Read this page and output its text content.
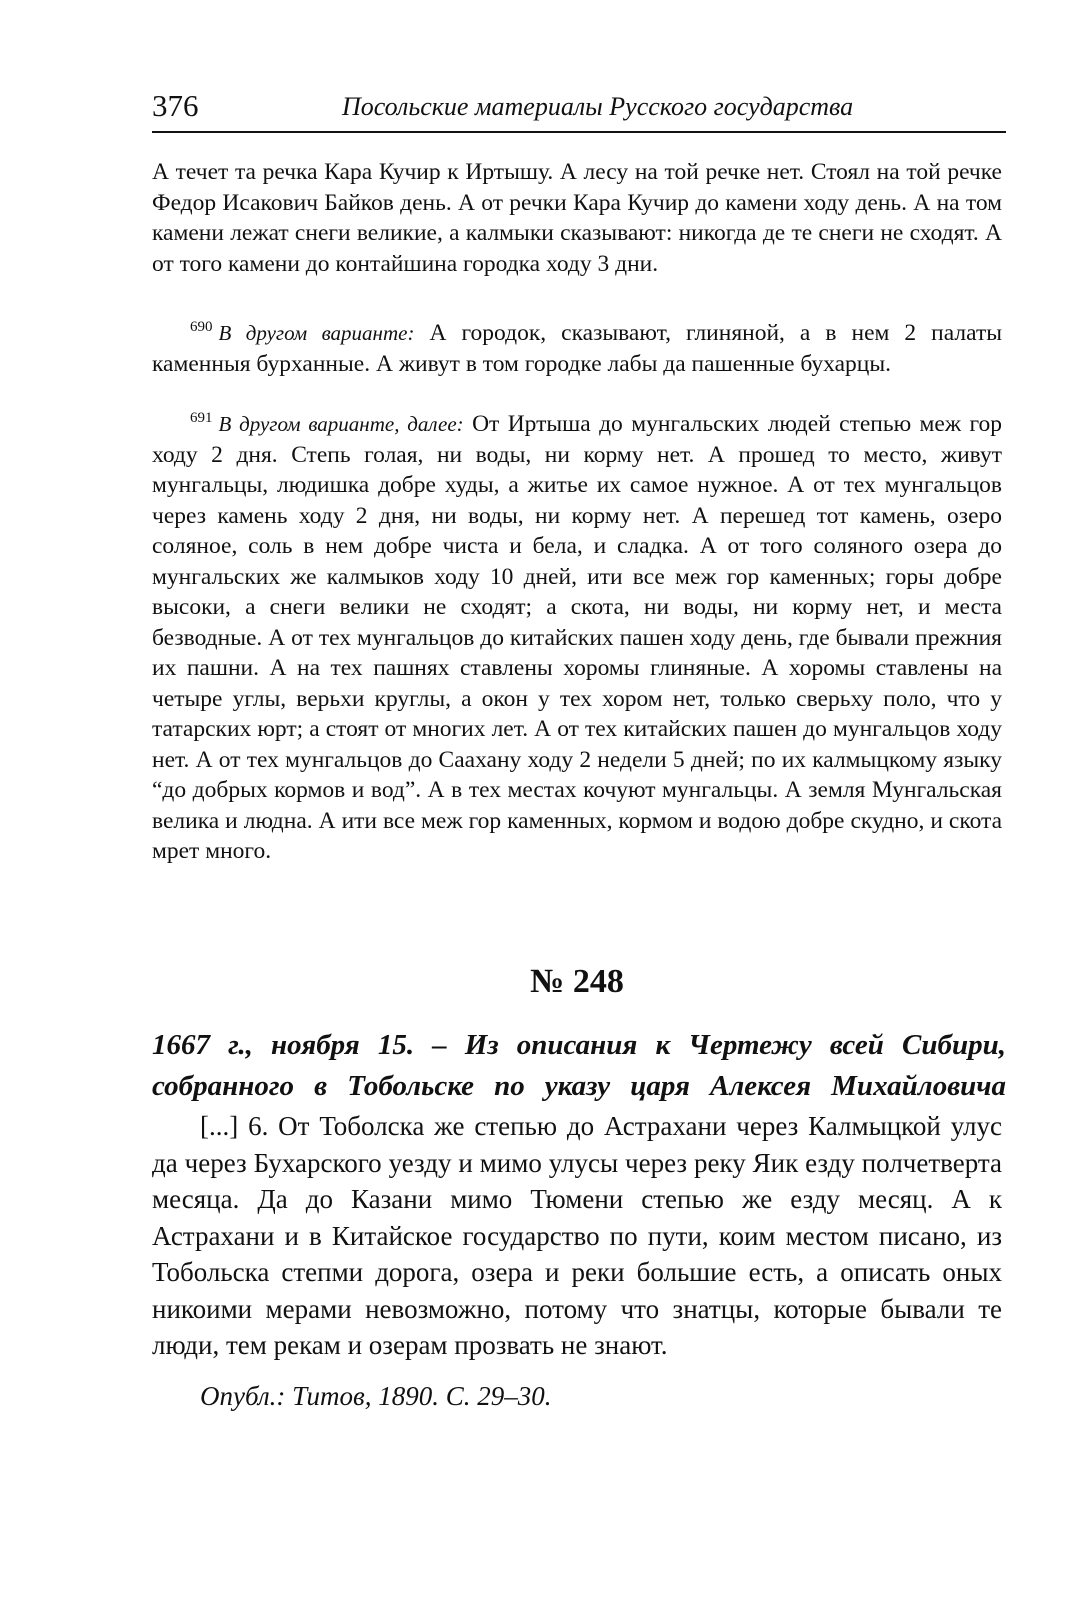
376	Посольские материалы Русского государства

А течет та речка Кара Кучир к Иртышу. А лесу на той речке нет. Стоял на той речке Федор Исакович Байков день. А от речки Кара Кучир до камени ходу день. А на том камени лежат снеги великие, а калмыки сказывают: никогда де те снеги не сходят. А от того камени до контайшина городка ходу 3 дни.

$^{690}$ В другом варианте: А городок, сказывают, глиняной, а в нем 2 палаты каменныя бурханные. А живут в том городке лабы да пашенные бухарцы.

$^{691}$ В другом варианте, далее: От Иртыша до мунгальских людей степью меж гор ходу 2 дня. Степь голая, ни воды, ни корму нет. А прошед то место, живут мунгальцы, людишка добре худы, а житье их самое нужное. А от тех мунгальцов через камень ходу 2 дня, ни воды, ни корму нет. А перешед тот камень, озеро соляное, соль в нем добре чиста и бела, и сладка. А от того соляного озера до мунгальских же калмыков ходу 10 дней, ити все меж гор каменных; горы добре высоки, а снеги велики не сходят; а скота, ни воды, ни корму нет, и места безводные. А от тех мунгальцов до китайских пашен ходу день, где бывали прежния их пашни. А на тех пашнях ставлены хоромы глиняные. А хоромы ставлены на четыре углы, верьхи круглы, а окон у тех хором нет, только сверьху поло, что у татарских юрт; а стоят от многих лет. А от тех китайских пашен до мунгальцов ходу нет. А от тех мунгальцов до Саахану ходу 2 недели 5 дней; по их калмыцкому языку “до добрых кормов и вод”. А в тех местах кочуют мунгальцы. А земля Мунгальская велика и людна. А ити все меж гор каменных, кормом и водою добре скудно, и скота мрет много.

№ 248

1667 г., ноября 15. – Из описания к Чертежу всей Сибири, собранного в Тобольске по указу царя Алексея Михайловича

[...] 6. От Тоболска же степью до Астрахани через Калмыцкой улус да через Бухарского уезду и мимо улусы через реку Яик езду полчетверта месяца. Да до Казани мимо Тюмени степью же езду месяц. А к Астрахани и в Китайское государство по пути, коим местом писано, из Тобольска степми дорога, озера и реки большие есть, а описать оных никоими мерами невозможно, потому что знатцы, которые бывали те люди, тем рекам и озерам прозвать не знают.

Опубл.: Титов, 1890. С. 29–30.
